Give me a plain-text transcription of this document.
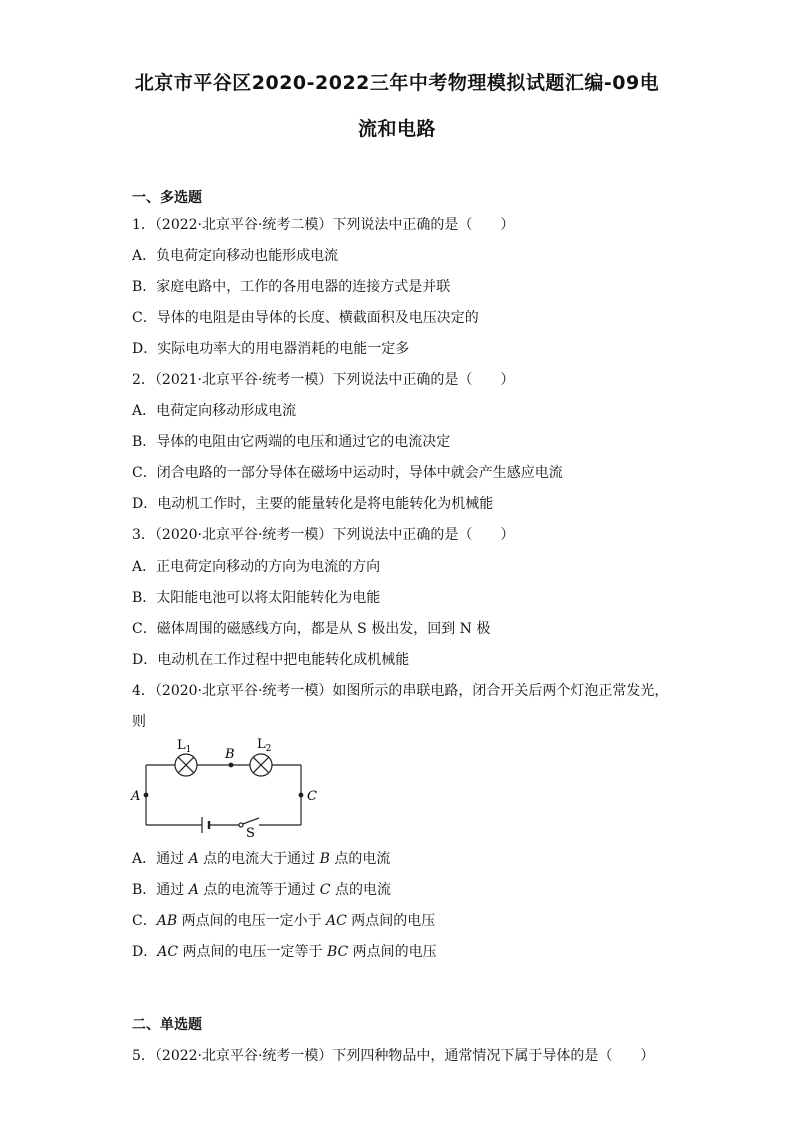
北京市平谷区2020-2022三年中考物理模拟试题汇编-09电
流和电路
一、多选题
1．（2022·北京平谷·统考二模）下列说法中正确的是（　　）
A．负电荷定向移动也能形成电流
B．家庭电路中，工作的各用电器的连接方式是并联
C．导体的电阻是由导体的长度、横截面积及电压决定的
D．实际电功率大的用电器消耗的电能一定多
2．（2021·北京平谷·统考一模）下列说法中正确的是（　　）
A．电荷定向移动形成电流
B．导体的电阻由它两端的电压和通过它的电流决定
C．闭合电路的一部分导体在磁场中运动时，导体中就会产生感应电流
D．电动机工作时，主要的能量转化是将电能转化为机械能
3．（2020·北京平谷·统考一模）下列说法中正确的是（　　）
A．正电荷定向移动的方向为电流的方向
B．太阳能电池可以将太阳能转化为电能
C．磁体周围的磁感线方向，都是从 S 极出发，回到 N 极
D．电动机在工作过程中把电能转化成机械能
4．（2020·北京平谷·统考一模）如图所示的串联电路，闭合开关后两个灯泡正常发光，
则
$L_1$	B
$L_2$
A	C
S
A．通过 A 点的电流大于通过 B 点的电流
B．通过 A 点的电流等于通过 C 点的电流
C．AB 两点间的电压一定小于 AC 两点间的电压
D．AC 两点间的电压一定等于 BC 两点间的电压
二、单选题
5．（2022·北京平谷·统考一模）下列四种物品中，通常情况下属于导体的是（　　）
